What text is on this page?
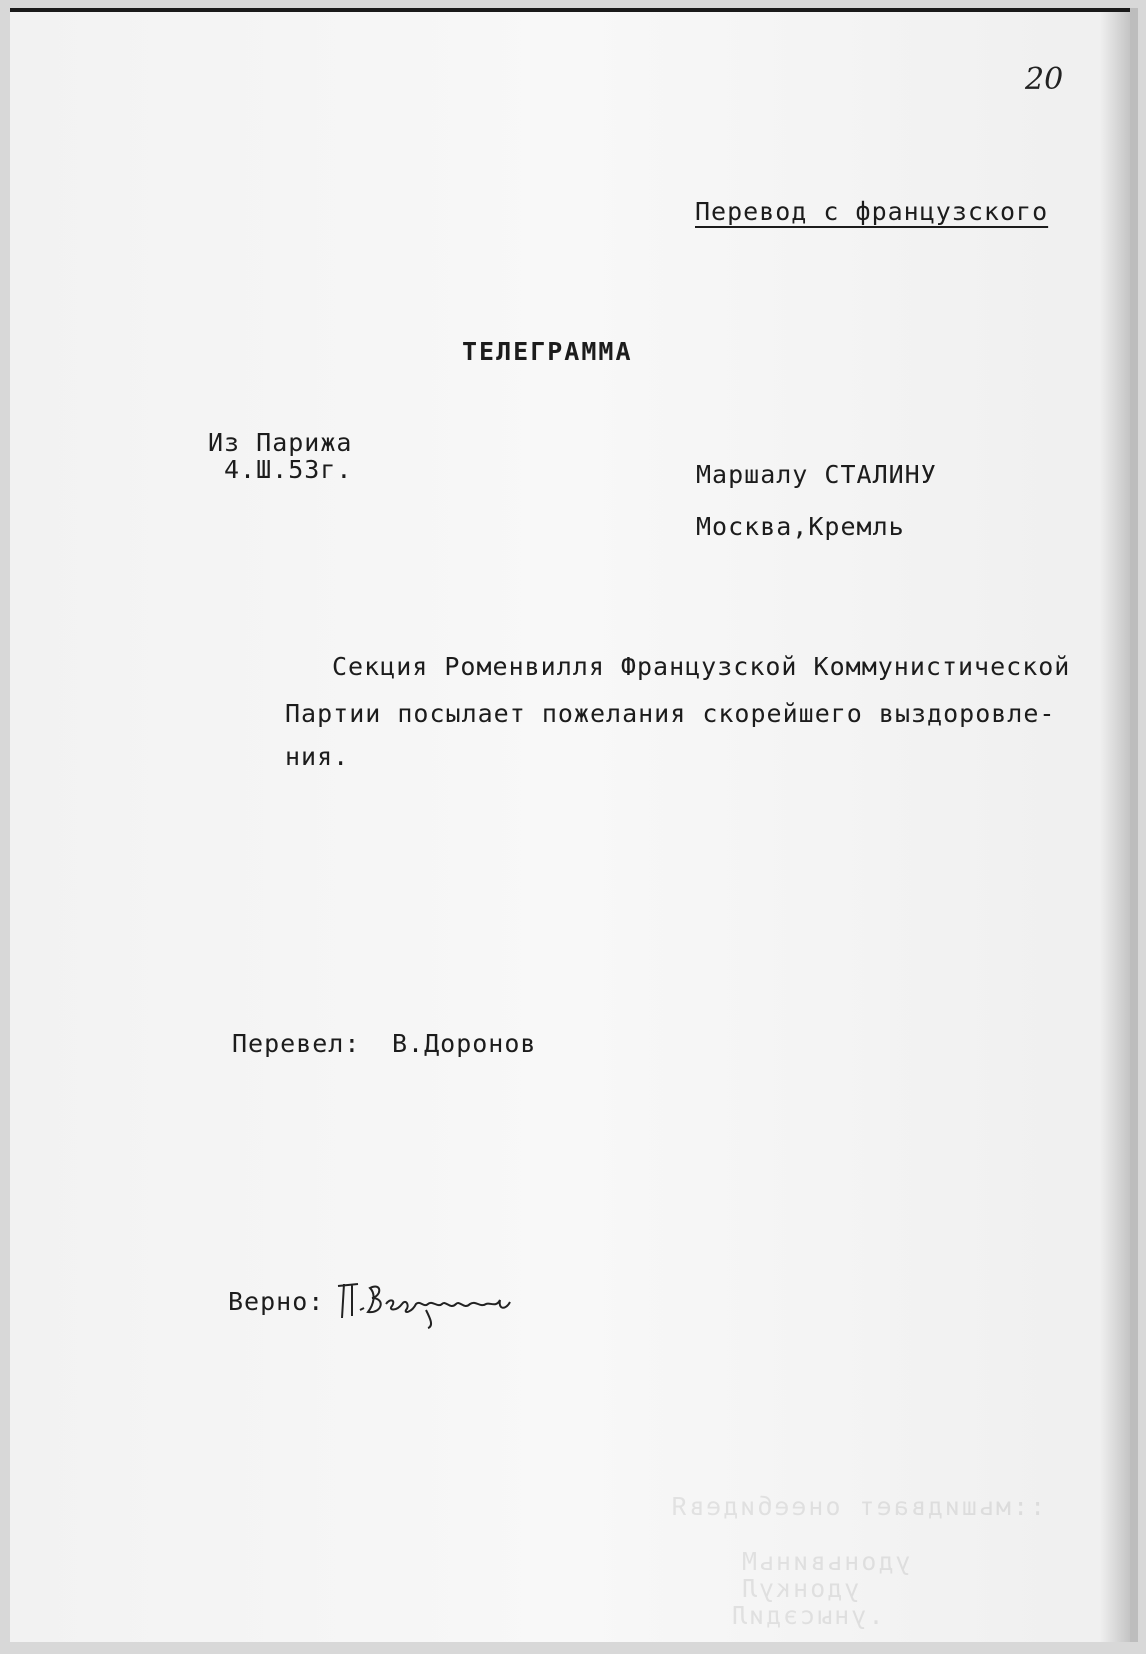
20
Перевод с французского
ТЕЛЕГРАММА
Из Парижа
4.Ш.53г.	Маршалу СТАЛИНУ
Москва,Кремль
Секция Роменвилля Французской Коммунистической
Партии посылает пожелания скорейшего выздоровле-
ния.
Перевел: В.Доронов
Верно:
::мьшидвает онеебидевЯ
удоньвиньМ
удонкуЛ
.унысэдиЛ
